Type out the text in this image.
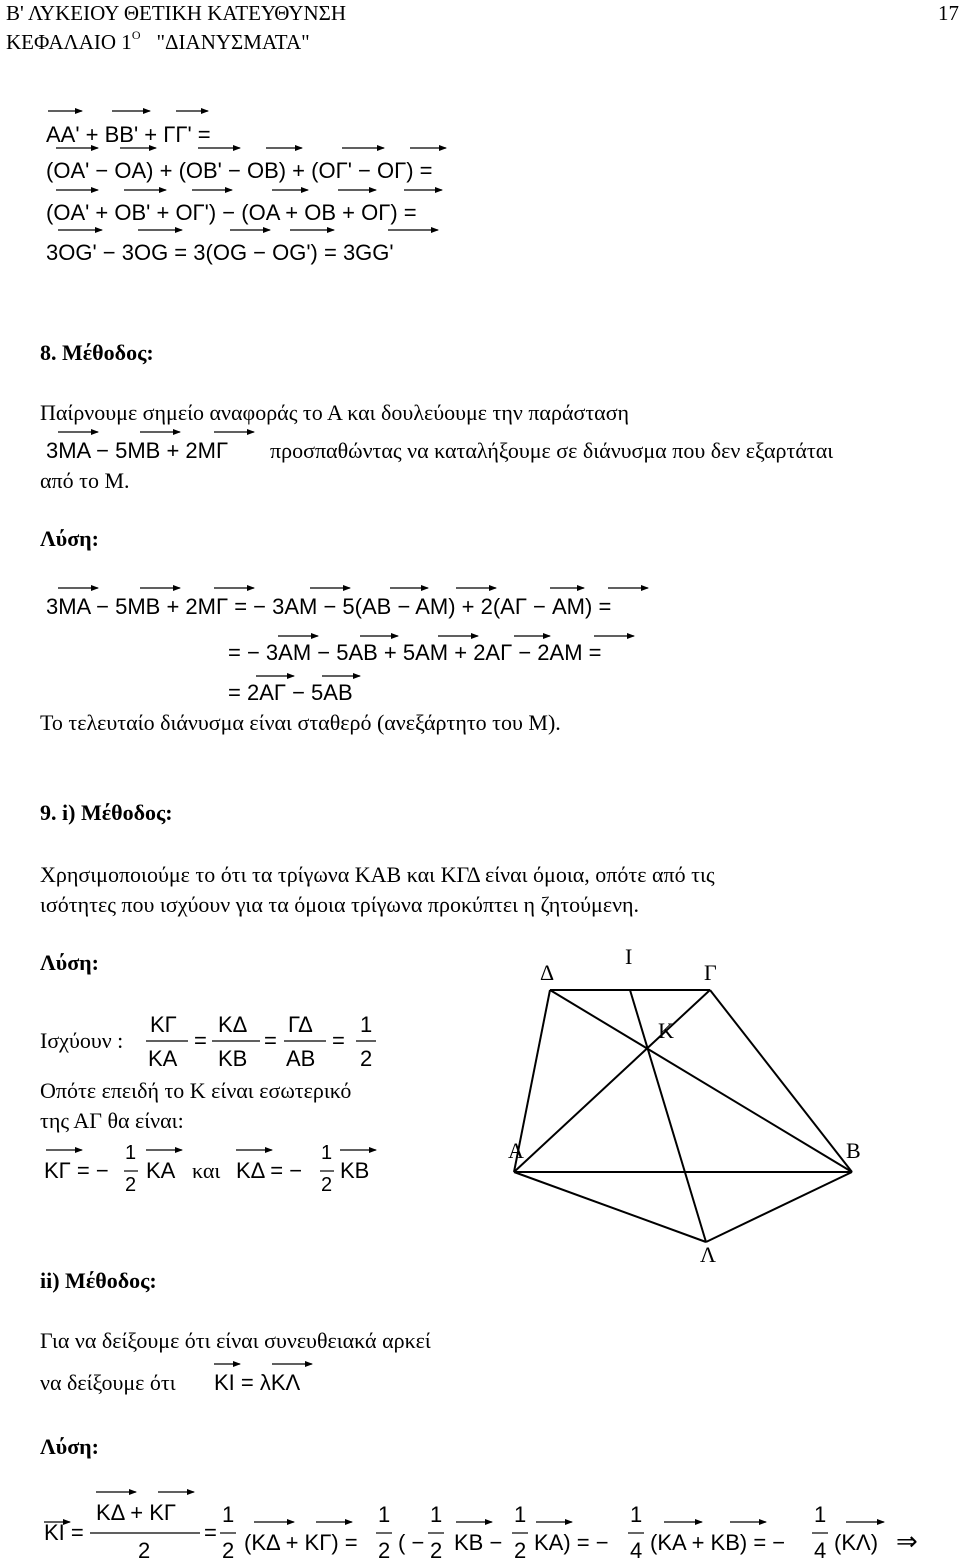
Β' ΛΥΚΕΙΟΥ ΘΕΤΙΚΗ ΚΑΤΕΥΘΥΝΣΗ
ΚΕΦΑΛΑΙΟ $1^O$ "ΔΙΑΝΥΣΜΑΤΑ"
17
AA' + BB' + ΓΓ' =
(OA' − OA) + (OB' − OB) + (OΓ' − OΓ) =
(OA' + OB' + OΓ') − (OA + OB + OΓ) =
3OG' − 3OG = 3(OG − OG') = 3GG'
8. Μέθοδος:
Παίρνουμε σημείο αναφοράς το Α και δουλεύουμε την παράσταση
3MA − 5MB + 2MΓ προσπαθώντας να καταλήξουμε σε διάνυσμα που δεν εξαρτάται
από το Μ.
Λύση:
3MA − 5MB + 2MΓ = − 3AM − 5(AB − AM) + 2(AΓ − AM) =
= − 3AM − 5AB + 5AM + 2AΓ − 2AM =
= 2AΓ − 5AB
Το τελευταίο διάνυσμα είναι σταθερό (ανεξάρτητο του Μ).
9. i) Μέθοδος:
Χρησιμοποιούμε το ότι τα τρίγωνα ΚΑΒ και ΚΓΔ είναι όμοια, οπότε από τις
ισότητες που ισχύουν για τα όμοια τρίγωνα προκύπτει η ζητούμενη.
Λύση:
Ισχύουν :
KΓ
KA
=
KΔ
KB
=
ΓΔ
AB
=
1
2
Οπότε επειδή το Κ είναι εσωτερικό
της ΑΓ θα είναι:
KΓ = −
1
2
KA και KΔ = −
1
2
KB
Ι
Δ	Γ
Κ
Α	Β
Λ
ii) Μέθοδος:
Για να δείξουμε ότι είναι συνευθειακά αρκεί
να δείξουμε ότι KI = λKΛ
Λύση:
KI =
KΔ + KΓ
2
=
1
2 (KΔ + KΓ) =
1
2 ( −
1
2 KB −
1
2 KA) = −
1
4 (KA + KB) = −
1
4 (KΛ) ⇒
